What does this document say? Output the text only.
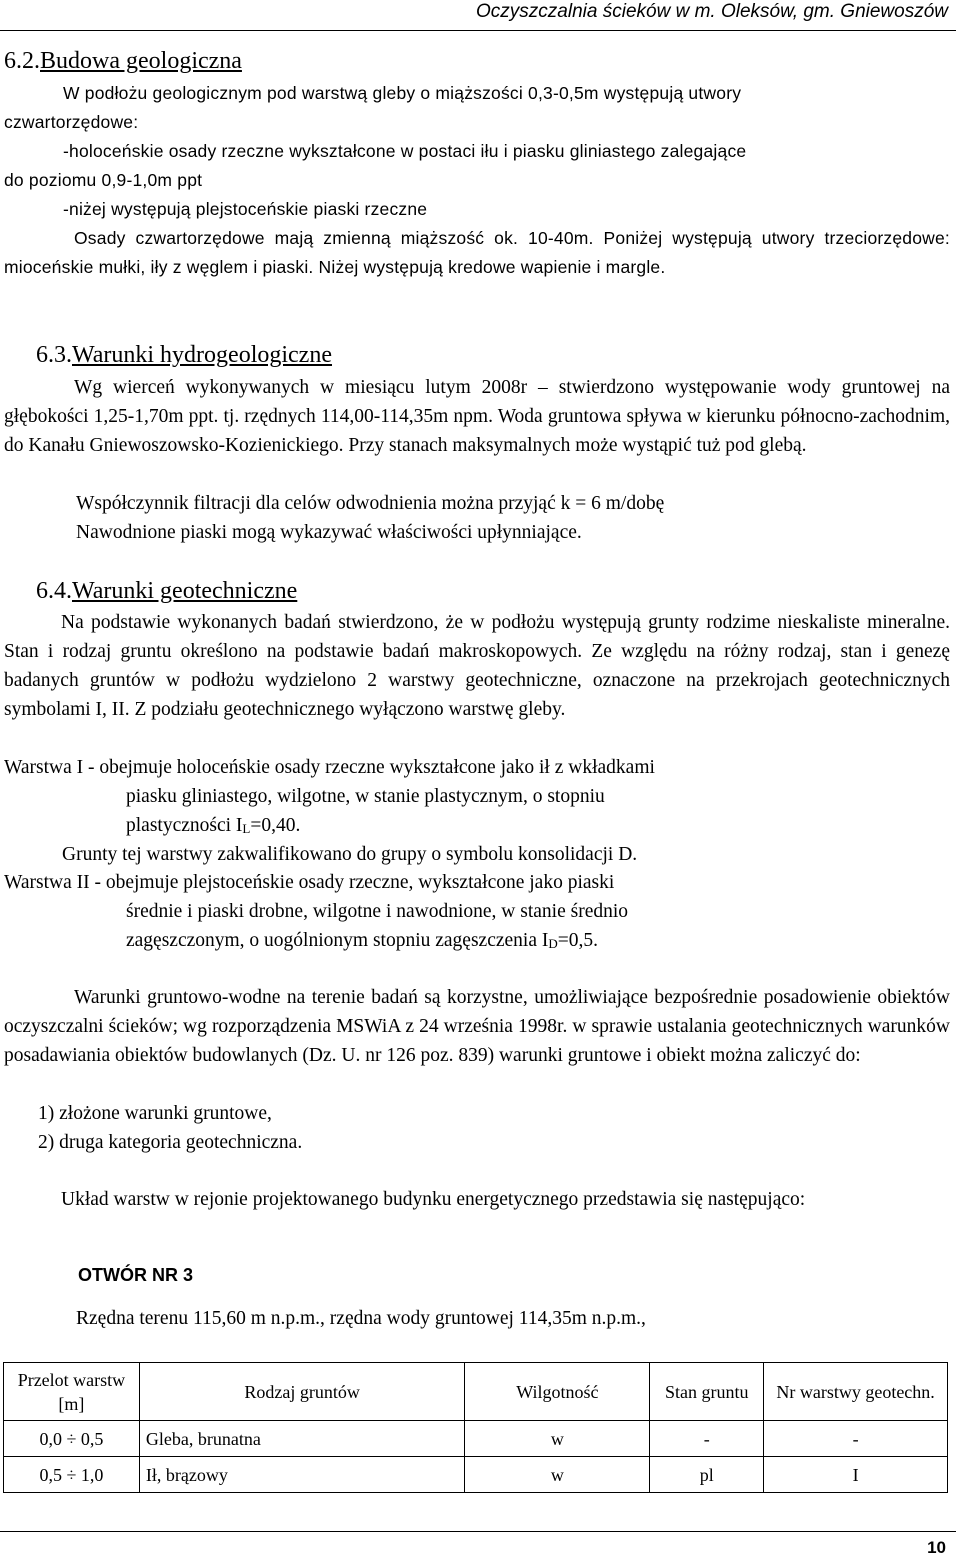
Oczyszczalnia ścieków w m. Oleksów, gm. Gniewoszów
6.2.Budowa geologiczna
W podłożu geologicznym pod warstwą gleby o miąższości 0,3-0,5m występują utwory
czwartorzędowe:
-holoceńskie osady rzeczne wykształcone w postaci iłu i piasku gliniastego zalegające
do poziomu 0,9-1,0m ppt
-niżej występują plejstoceńskie piaski rzeczne
Osady czwartorzędowe mają zmienną miąższość ok. 10-40m. Poniżej występują utwory trzeciorzędowe: mioceńskie mułki, iły z węglem i piaski. Niżej występują kredowe wapienie i margle.
6.3.Warunki hydrogeologiczne
Wg wierceń wykonywanych w miesiącu lutym 2008r – stwierdzono występowanie wody gruntowej na głębokości 1,25-1,70m ppt. tj. rzędnych 114,00-114,35m npm. Woda gruntowa spływa w kierunku północno-zachodnim, do Kanału Gniewoszowsko-Kozienickiego. Przy stanach maksymalnych może wystąpić tuż pod glebą.
Współczynnik filtracji dla celów odwodnienia można przyjąć k = 6 m/dobę
Nawodnione piaski mogą wykazywać właściwości upłynniające.
6.4.Warunki geotechniczne
Na podstawie wykonanych badań stwierdzono, że w podłożu występują grunty rodzime nieskaliste mineralne. Stan i rodzaj gruntu określono na podstawie badań makroskopowych. Ze względu na różny rodzaj, stan i genezę badanych gruntów w podłożu wydzielono 2 warstwy geotechniczne, oznaczone na przekrojach geotechnicznych symbolami I, II. Z podziału geotechnicznego wyłączono warstwę gleby.
Warstwa I - obejmuje holoceńskie osady rzeczne wykształcone jako ił z wkładkami
piasku gliniastego, wilgotne, w stanie plastycznym, o stopniu
plastyczności IL=0,40.
Grunty tej warstwy zakwalifikowano do grupy o symbolu konsolidacji D.
Warstwa II - obejmuje plejstoceńskie osady rzeczne, wykształcone jako piaski
średnie i piaski drobne, wilgotne i nawodnione, w stanie średnio
zagęszczonym, o uogólnionym stopniu zagęszczenia ID=0,5.
Warunki gruntowo-wodne na terenie badań są korzystne, umożliwiające bezpośrednie posadowienie obiektów oczyszczalni ścieków; wg rozporządzenia MSWiA z 24 września 1998r. w sprawie ustalania geotechnicznych warunków posadawiania obiektów budowlanych (Dz. U. nr 126 poz. 839) warunki gruntowe i obiekt można zaliczyć do:
1) złożone warunki gruntowe,
2) druga kategoria geotechniczna.
Układ warstw w rejonie projektowanego budynku energetycznego przedstawia się następująco:
OTWÓR NR 3
Rzędna terenu 115,60 m n.p.m., rzędna wody gruntowej 114,35m n.p.m.,
Przelot warstw [m]	Rodzaj gruntów	Wilgotność	Stan gruntu	Nr warstwy geotechn.
0,0 ÷ 0,5	Gleba, brunatna	w	-	-
0,5 ÷ 1,0	Ił, brązowy	w	pl	I
10
